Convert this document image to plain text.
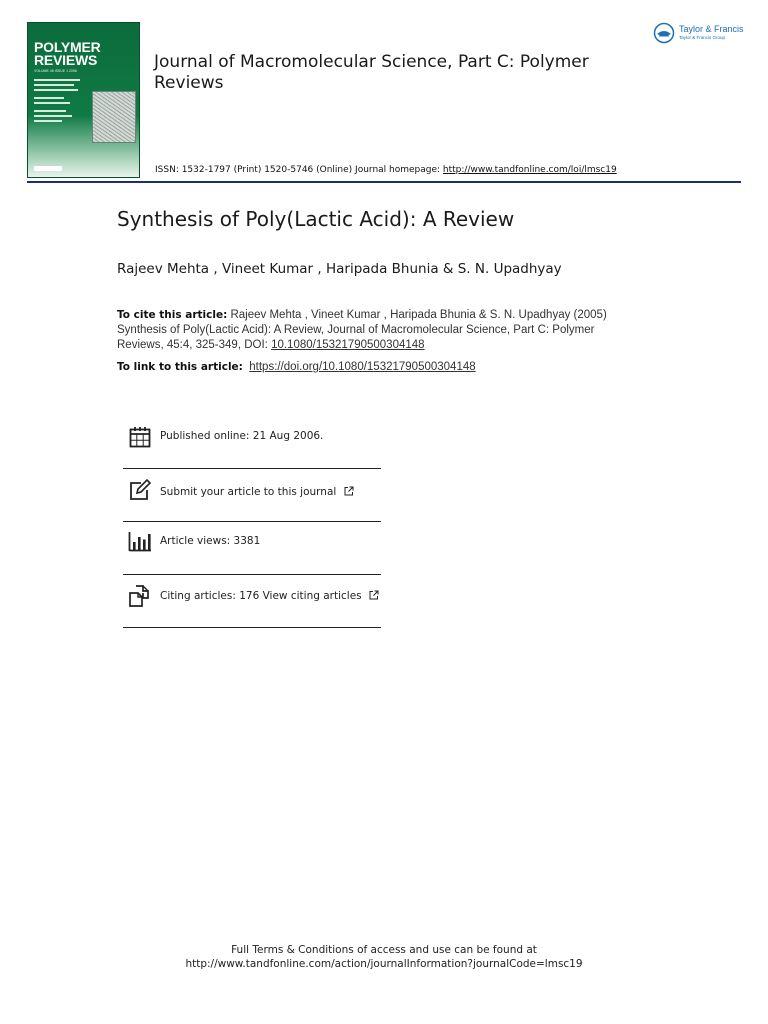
POLYMER
REVIEWS
VOLUME 46 ISSUE 1 2006	Journal of Macromolecular Science, Part C: Polymer Reviews
Taylor & Francis
Taylor & Francis Group
ISSN: 1532-1797 (Print) 1520-5746 (Online) Journal homepage: http://www.tandfonline.com/loi/lmsc19
Synthesis of Poly(Lactic Acid): A Review
Rajeev Mehta , Vineet Kumar , Haripada Bhunia & S. N. Upadhyay
To cite this article: Rajeev Mehta , Vineet Kumar , Haripada Bhunia & S. N. Upadhyay (2005) Synthesis of Poly(Lactic Acid): A Review, Journal of Macromolecular Science, Part C: Polymer Reviews, 45:4, 325-349, DOI: 10.1080/15321790500304148
To link to this article: https://doi.org/10.1080/15321790500304148
Published online: 21 Aug 2006.
Submit your article to this journal
Article views: 3381
Citing articles: 176 View citing articles
Full Terms & Conditions of access and use can be found at
http://www.tandfonline.com/action/journalInformation?journalCode=lmsc19
